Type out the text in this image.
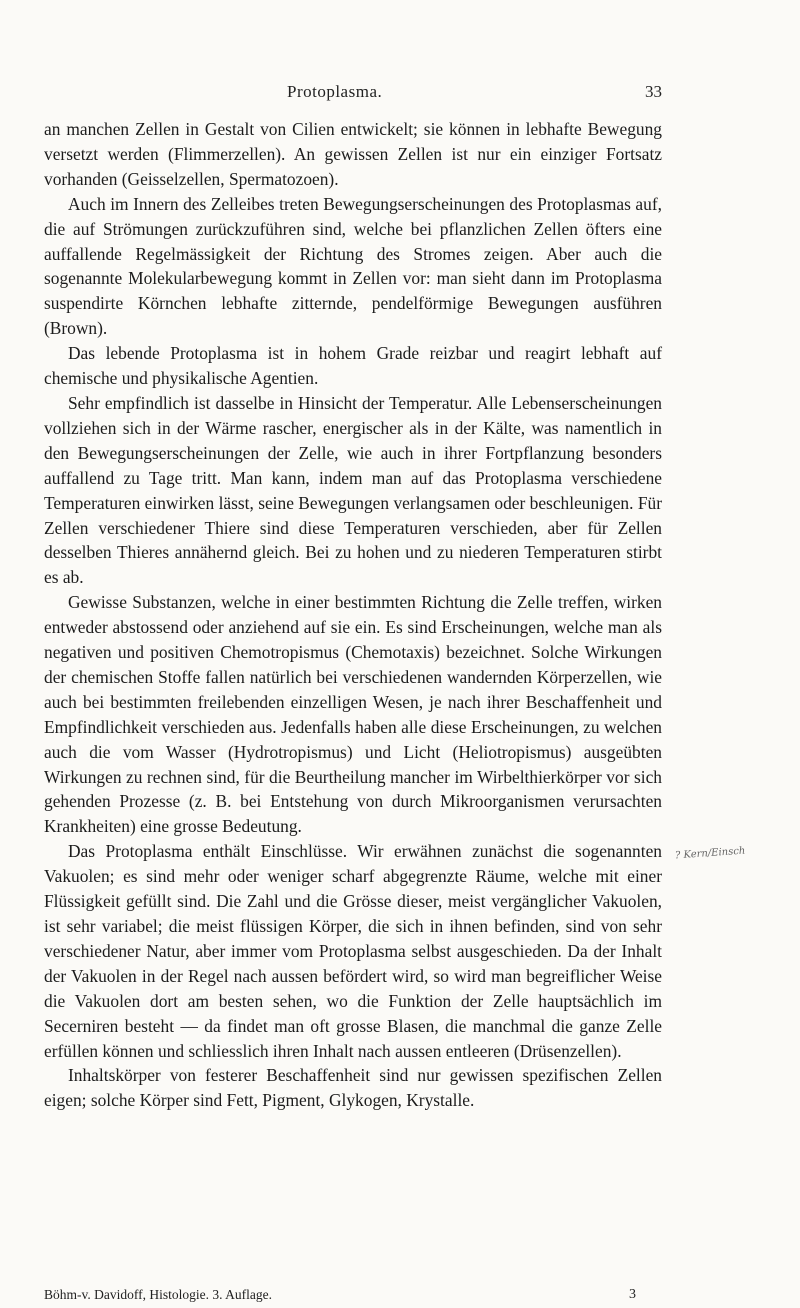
Protoplasma.	33

an manchen Zellen in Gestalt von Cilien entwickelt; sie können in lebhafte Bewegung versetzt werden (Flimmerzellen). An gewissen Zellen ist nur ein einziger Fortsatz vorhanden (Geisselzellen, Spermatozoen).

Auch im Innern des Zelleibes treten Bewegungserscheinungen des Protoplasmas auf, die auf Strömungen zurückzuführen sind, welche bei pflanzlichen Zellen öfters eine auffallende Regelmässigkeit der Richtung des Stromes zeigen. Aber auch die sogenannte Molekularbewegung kommt in Zellen vor: man sieht dann im Protoplasma suspendirte Körnchen lebhafte zitternde, pendelförmige Bewegungen ausführen (Brown).

Das lebende Protoplasma ist in hohem Grade reizbar und reagirt lebhaft auf chemische und physikalische Agentien.

Sehr empfindlich ist dasselbe in Hinsicht der Temperatur. Alle Lebenserscheinungen vollziehen sich in der Wärme rascher, energischer als in der Kälte, was namentlich in den Bewegungserscheinungen der Zelle, wie auch in ihrer Fortpflanzung besonders auffallend zu Tage tritt. Man kann, indem man auf das Protoplasma verschiedene Temperaturen einwirken lässt, seine Bewegungen verlangsamen oder beschleunigen. Für Zellen verschiedener Thiere sind diese Temperaturen verschieden, aber für Zellen desselben Thieres annähernd gleich. Bei zu hohen und zu niederen Temperaturen stirbt es ab.

Gewisse Substanzen, welche in einer bestimmten Richtung die Zelle treffen, wirken entweder abstossend oder anziehend auf sie ein. Es sind Erscheinungen, welche man als negativen und positiven Chemotropismus (Chemotaxis) bezeichnet. Solche Wirkungen der chemischen Stoffe fallen natürlich bei verschiedenen wandernden Körperzellen, wie auch bei bestimmten freilebenden einzelligen Wesen, je nach ihrer Beschaffenheit und Empfindlichkeit verschieden aus. Jedenfalls haben alle diese Erscheinungen, zu welchen auch die vom Wasser (Hydrotropismus) und Licht (Heliotropismus) ausgeübten Wirkungen zu rechnen sind, für die Beurtheilung mancher im Wirbelthierkörper vor sich gehenden Prozesse (z. B. bei Entstehung von durch Mikroorganismen verursachten Krankheiten) eine grosse Bedeutung.

Das Protoplasma enthält Einschlüsse. Wir erwähnen zunächst die sogenannten Vakuolen; es sind mehr oder weniger scharf abgegrenzte Räume, welche mit einer Flüssigkeit gefüllt sind. Die Zahl und die Grösse dieser, meist vergänglicher Vakuolen, ist sehr variabel; die meist flüssigen Körper, die sich in ihnen befinden, sind von sehr verschiedener Natur, aber immer vom Protoplasma selbst ausgeschieden. Da der Inhalt der Vakuolen in der Regel nach aussen befördert wird, so wird man begreiflicher Weise die Vakuolen dort am besten sehen, wo die Funktion der Zelle hauptsächlich im Secerniren besteht — da findet man oft grosse Blasen, die manchmal die ganze Zelle erfüllen können und schliesslich ihren Inhalt nach aussen entleeren (Drüsenzellen).

Inhaltskörper von festerer Beschaffenheit sind nur gewissen spezifischen Zellen eigen; solche Körper sind Fett, Pigment, Glykogen, Krystalle.

? Kern/Einsch
Böhm-v. Davidoff, Histologie. 3. Auflage.	3
